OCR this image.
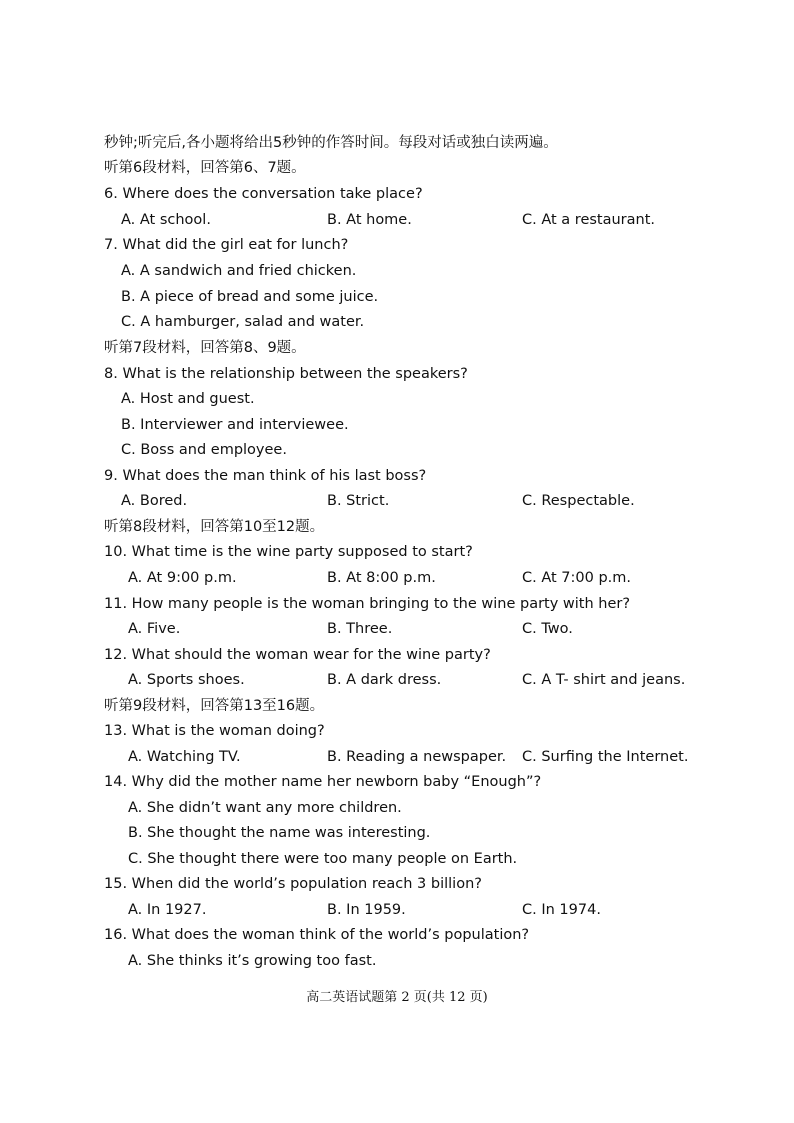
秒钟;听完后,各小题将给出5秒钟的作答时间。每段对话或独白读两遍。
听第6段材料，回答第6、7题。
6. Where does the conversation take place?
A. At school.	B. At home.	C. At a restaurant.
7. What did the girl eat for lunch?
A. A sandwich and fried chicken.
B. A piece of bread and some juice.
C. A hamburger, salad and water.
听第7段材料，回答第8、9题。
8. What is the relationship between the speakers?
A. Host and guest.
B. Interviewer and interviewee.
C. Boss and employee.
9. What does the man think of his last boss?
A. Bored.	B. Strict.	C. Respectable.
听第8段材料，回答第10至12题。
10. What time is the wine party supposed to start?
A. At 9:00 p.m.	B. At 8:00 p.m.	C. At 7:00 p.m.
11. How many people is the woman bringing to the wine party with her?
A. Five.	B. Three.	C. Two.
12. What should the woman wear for the wine party?
A. Sports shoes.	B. A dark dress.	C. A T- shirt and jeans.
听第9段材料，回答第13至16题。
13. What is the woman doing?
A. Watching TV.	B. Reading a newspaper. C. Surfing the Internet.
14. Why did the mother name her newborn baby “Enough”?
A. She didn’t want any more children.
B. She thought the name was interesting.
C. She thought there were too many people on Earth.
15. When did the world’s population reach 3 billion?
A. In 1927.	B. In 1959.	C. In 1974.
16. What does the woman think of the world’s population?
A. She thinks it’s growing too fast.
高二英语试题第 2 页(共 12 页)
